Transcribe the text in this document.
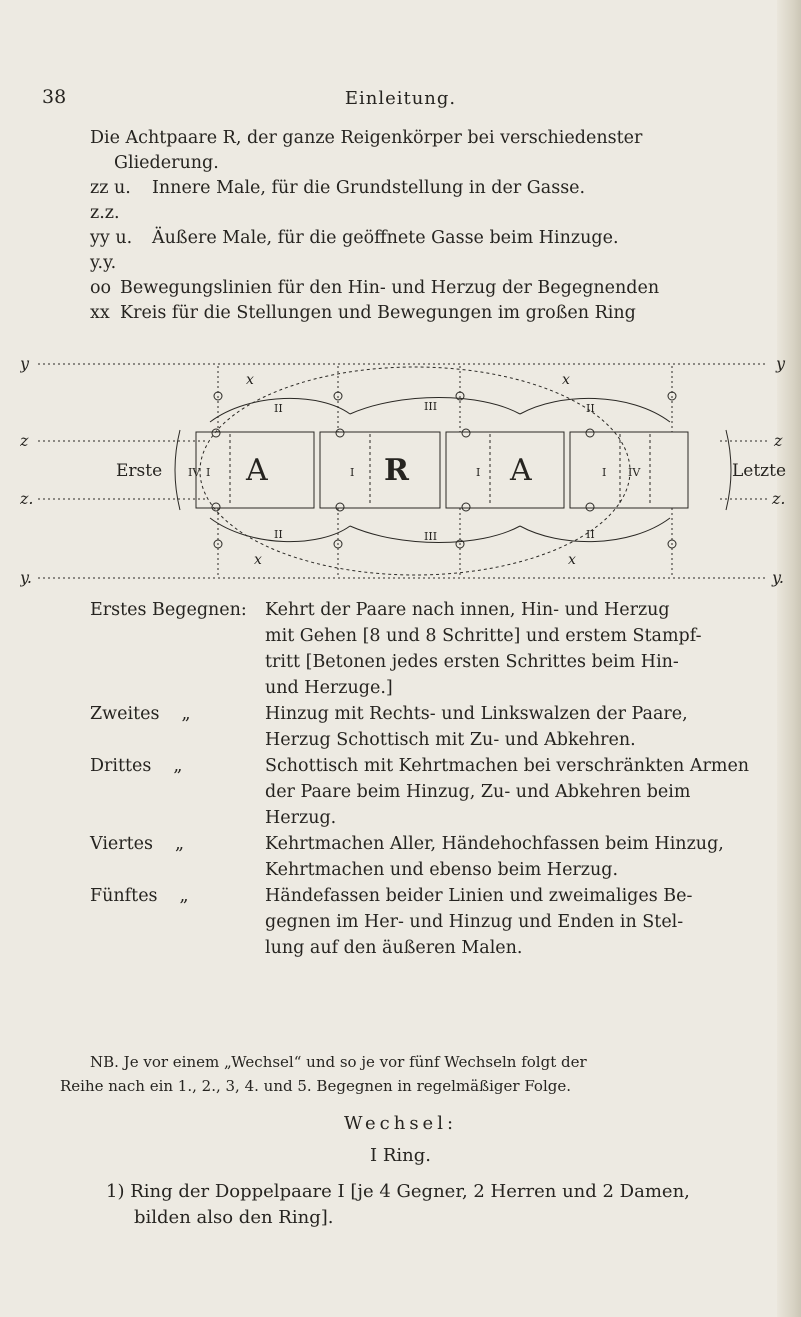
38	Einleitung.
Die Achtpaare R, der ganze Reigenkörper bei verschiedenster
Gliederung.
zz u. z.z.
Innere Male, für die Grundstellung in der Gasse.
yy u. y.y.
Äußere Male, für die geöffnete Gasse beim Hinzuge.
oo Bewegungslinien für den Hin- und Herzug der Begegnenden
xx Kreis für die Stellungen und Bewegungen im großen Ring
y	y
z	z
z.	z.
y.	y.
Erste	Letzte
IV I	I	I	I IV
A	R	A
II	III	II
II	III	II
x	x
x	x
Erstes Begegnen:	Kehrt der Paare nach innen, Hin- und Herzug
mit Gehen [8 und 8 Schritte] und erstem Stampf-
tritt [Betonen jedes ersten Schrittes beim Hin-
und Herzuge.]
Zweites „	Hinzug mit Rechts- und Linkswalzen der Paare,
Herzug Schottisch mit Zu- und Abkehren.
Drittes „	Schottisch mit Kehrtmachen bei verschränkten Armen
der Paare beim Hinzug, Zu- und Abkehren beim
Herzug.
Viertes „	Kehrtmachen Aller, Händehochfassen beim Hinzug,
Kehrtmachen und ebenso beim Herzug.
Fünftes „	Händefassen beider Linien und zweimaliges Be-
gegnen im Her- und Hinzug und Enden in Stel-
lung auf den äußeren Malen.
NB. Je vor einem „Wechsel“ und so je vor fünf Wechseln folgt der
Reihe nach ein 1., 2., 3, 4. und 5. Begegnen in regelmäßiger Folge.
Wechsel:
I Ring.
1) Ring der Doppelpaare I [je 4 Gegner, 2 Herren und 2 Damen,
bilden also den Ring].
